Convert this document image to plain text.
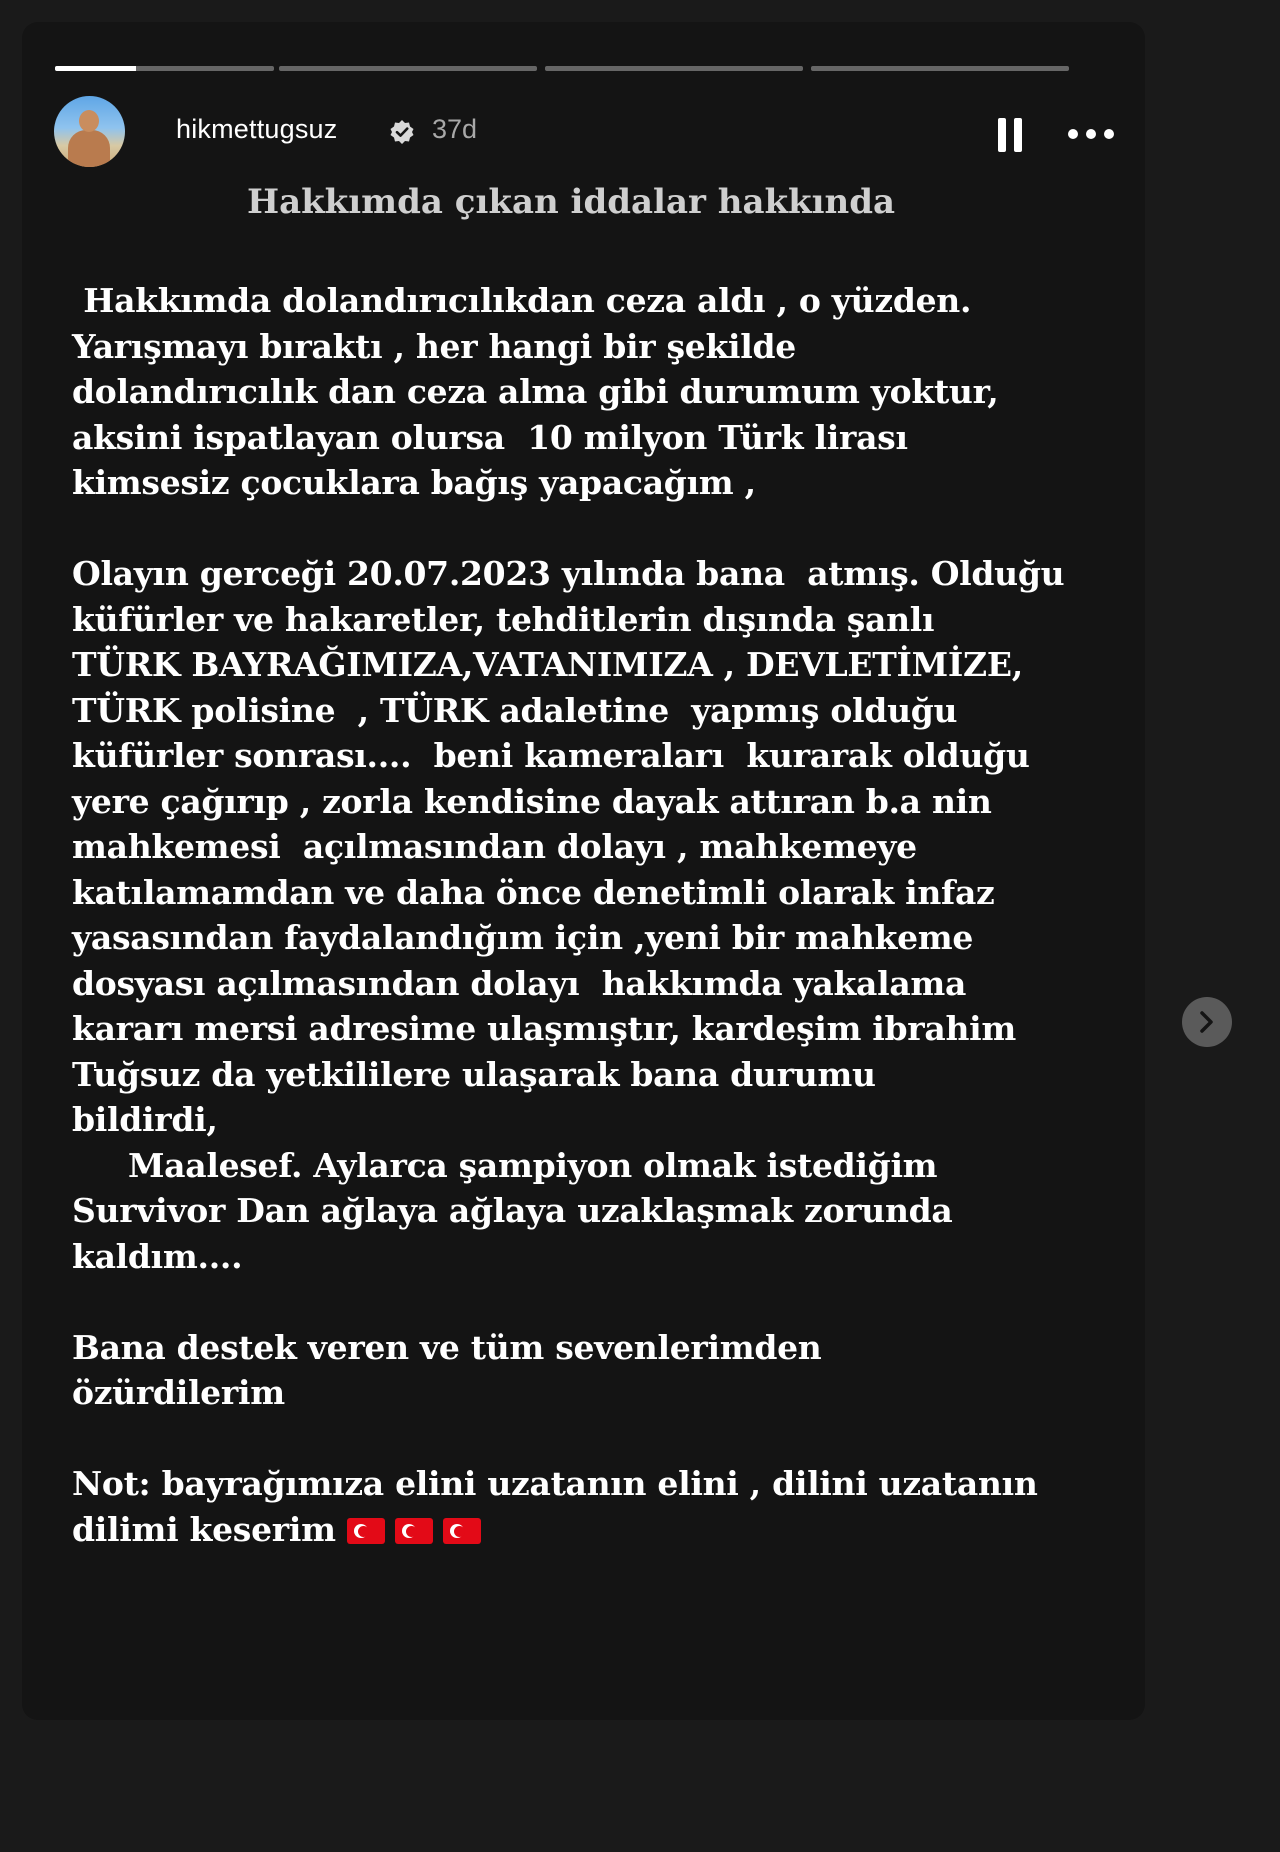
hikmettugsuz	37d
Hakkımda çıkan iddalar hakkında
Hakkımda dolandırıcılıkdan ceza aldı , o yüzden.
Yarışmayı bıraktı , her hangi bir şekilde
dolandırıcılık dan ceza alma gibi durumum yoktur,
aksini ispatlayan olursa  10 milyon Türk lirası
kimsesiz çocuklara bağış yapacağım ,
Olayın gerceği 20.07.2023 yılında bana  atmış. Olduğu
küfürler ve hakaretler, tehditlerin dışında şanlı
TÜRK BAYRAĞIMIZA,VATANIMIZA , DEVLETİMİZE,
TÜRK polisine  , TÜRK adaletine  yapmış olduğu
küfürler sonrası....  beni kameraları  kurarak olduğu
yere çağırıp , zorla kendisine dayak attıran b.a nin
mahkemesi  açılmasından dolayı , mahkemeye
katılamamdan ve daha önce denetimli olarak infaz
yasasından faydalandığım için ,yeni bir mahkeme
dosyası açılmasından dolayı  hakkımda yakalama
kararı mersi adresime ulaşmıştır, kardeşim ibrahim
Tuğsuz da yetkililere ulaşarak bana durumu
bildirdi,
Maalesef. Aylarca şampiyon olmak istediğim
Survivor Dan ağlaya ağlaya uzaklaşmak zorunda
kaldım....
Bana destek veren ve tüm sevenlerimden
özürdilerim
Not: bayrağımıza elini uzatanın elini , dilini uzatanın
dilimi keserim
